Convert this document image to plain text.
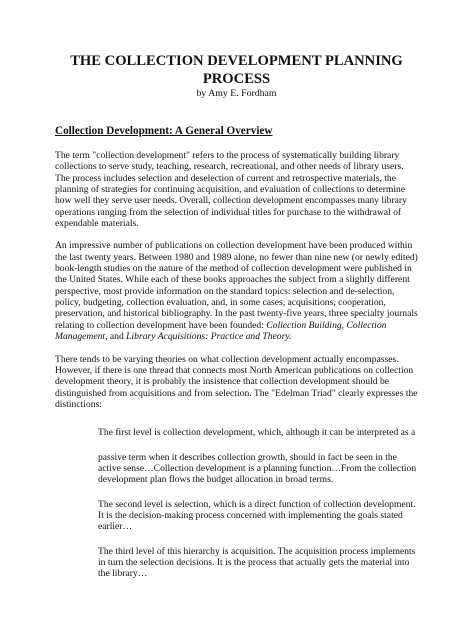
THE COLLECTION DEVELOPMENT PLANNING
PROCESS
by Amy E. Fordham
Collection Development: A General Overview

The term "collection development" refers to the process of systematically building library collections to serve study, teaching, research, recreational, and other needs of library users. The process includes selection and deselection of current and retrospective materials, the planning of strategies for continuing acquisition, and evaluation of collections to determine how well they serve user needs. Overall, collection development encompasses many library operations ranging from the selection of individual titles for purchase to the withdrawal of expendable materials.

An impressive number of publications on collection development have been produced within the last twenty years. Between 1980 and 1989 alone, no fewer than nine new (or newly edited) book-length studies on the nature of the method of collection development were published in the United States. While each of these books approaches the subject from a slightly different perspective, most provide information on the standard topics: selection and de-selection, policy, budgeting, collection evaluation, and, in some cases, acquisitions, cooperation, preservation, and historical bibliography. In the past twenty-five years, three specialty journals relating to collection development have been founded: Collection Building, Collection Management, and Library Acquisitions: Practice and Theory.

There tends to be varying theories on what collection development actually encompasses. However, if there is one thread that connects most North American publications on collection development theory, it is probably the insistence that collection development should be distinguished from acquisitions and from selection. The "Edelman Triad" clearly expresses the distinctions:

The first level is collection development, which, although it can be interpreted as a

passive term when it describes collection growth, should in fact be seen in the active sense…Collection development is a planning function…From the collection development plan flows the budget allocation in broad terms.

The second level is selection, which is a direct function of collection development. It is the decision-making process concerned with implementing the goals stated earlier…

The third level of this hierarchy is acquisition. The acquisition process implements in turn the selection decisions. It is the process that actually gets the material into the library…
